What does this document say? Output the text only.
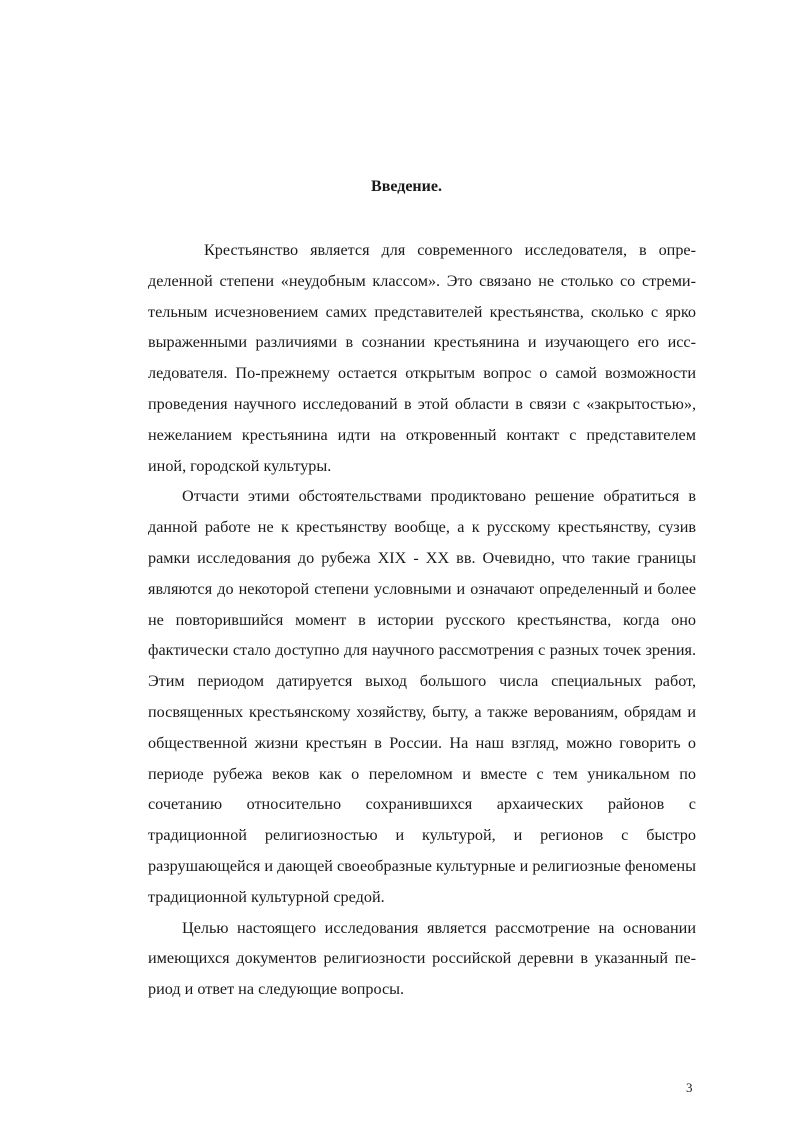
Введение.

Крестьянство является для современного исследователя, в определенной степени «неудобным классом». Это связано не столько со стремительным исчезновением самих представителей крестьянства, сколько с ярко выраженными различиями в сознании крестьянина и изучающего его исследователя. По-прежнему остается открытым вопрос о самой возможности проведения научного исследований в этой области в связи с «закрытостью», нежеланием крестьянина идти на откровенный контакт с представителем иной, городской культуры.

Отчасти этими обстоятельствами продиктовано решение обратиться в данной работе не к крестьянству вообще, а к русскому крестьянству, сузив рамки исследования до рубежа XIX - XX вв. Очевидно, что такие границы являются до некоторой степени условными и означают определенный и более не повторившийся момент в истории русского крестьянства, когда оно фактически стало доступно для научного рассмотрения с разных точек зрения. Этим периодом датируется выход большого числа специальных работ, посвященных крестьянскому хозяйству, быту, а также верованиям, обрядам и общественной жизни крестьян в России. На наш взгляд, можно говорить о периоде рубежа веков как о переломном и вместе с тем уникальном по сочетанию относительно сохранившихся архаических районов с традиционной религиозностью и культурой, и регионов с быстро разрушающейся и дающей своеобразные культурные и религиозные феномены традиционной культурной средой.

Целью настоящего исследования является рассмотрение на основании имеющихся документов религиозности российской деревни в указанный период и ответ на следующие вопросы.

3
